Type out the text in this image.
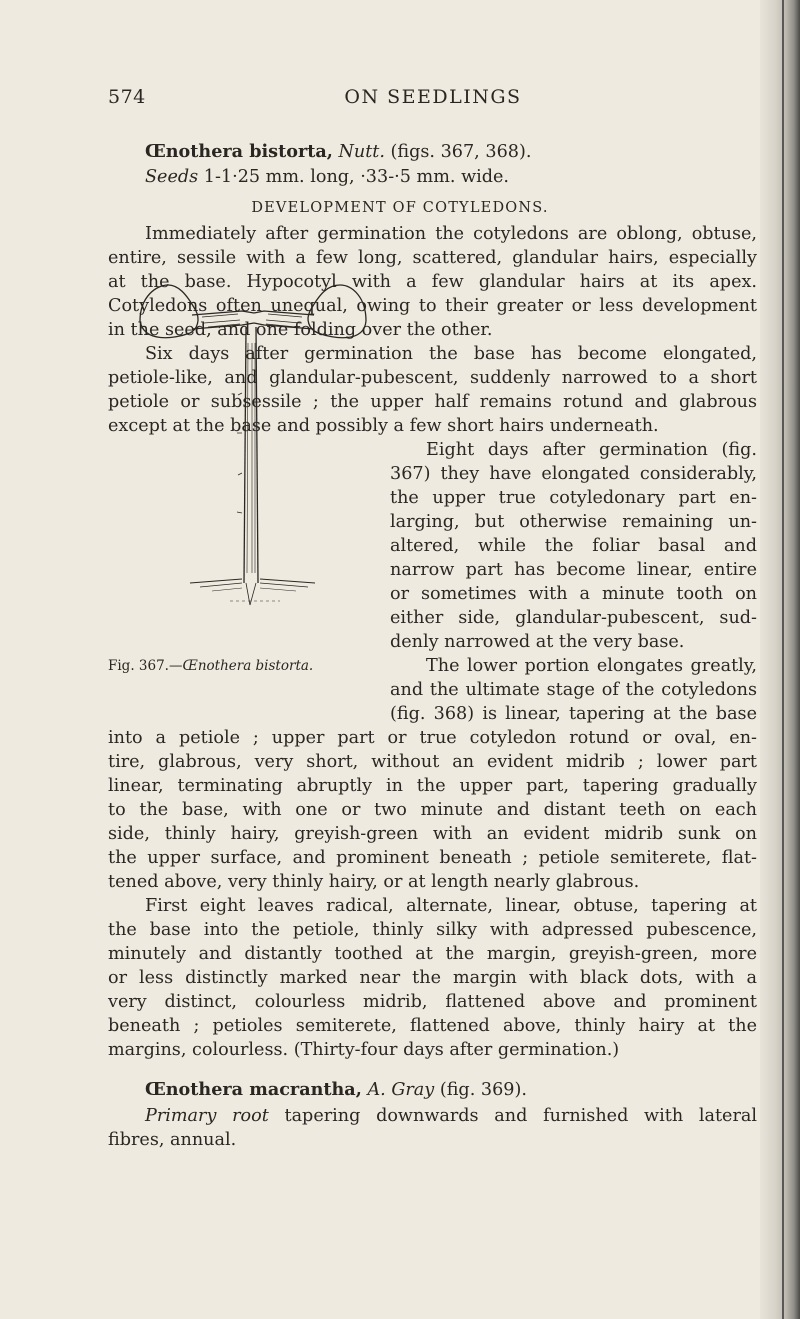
574	ON SEEDLINGS
Œnothera bistorta, Nutt. (figs. 367, 368).
Seeds 1-1·25 mm. long, ·33-·5 mm. wide.
DEVELOPMENT OF COTYLEDONS.
Immediately after germination the cotyledons are oblong, obtuse,
entire, sessile with a few long, scattered, glandular hairs, especially
at the base. Hypocotyl with a few glandular hairs at its apex.
Cotyledons often unequal, owing to their greater or less development
in the seed, and one folding over the other.
Six days after germination the base has become elongated,
petiole-like, and glandular-pubescent, suddenly narrowed to a short
petiole or subsessile ; the upper half remains rotund and glabrous
except at the base and possibly a few short hairs underneath.
Eight days after germination (fig.
367) they have elongated considerably,
the upper true cotyledonary part en-
larging, but otherwise remaining un-
altered, while the foliar basal and
narrow part has become linear, entire
or sometimes with a minute tooth on
either side, glandular-pubescent, sud-
denly narrowed at the very base.
The lower portion elongates greatly,
and the ultimate stage of the cotyledons
(fig. 368) is linear, tapering at the base
Fig. 367.—Œnothera bistorta.
into a petiole ; upper part or true cotyledon rotund or oval, en-
tire, glabrous, very short, without an evident midrib ; lower part
linear, terminating abruptly in the upper part, tapering gradually
to the base, with one or two minute and distant teeth on each
side, thinly hairy, greyish-green with an evident midrib sunk on
the upper surface, and prominent beneath ; petiole semiterete, flat-
tened above, very thinly hairy, or at length nearly glabrous.
First eight leaves radical, alternate, linear, obtuse, tapering at
the base into the petiole, thinly silky with adpressed pubescence,
minutely and distantly toothed at the margin, greyish-green, more
or less distinctly marked near the margin with black dots, with a
very distinct, colourless midrib, flattened above and prominent
beneath ; petioles semiterete, flattened above, thinly hairy at the
margins, colourless. (Thirty-four days after germination.)
Œnothera macrantha, A. Gray (fig. 369).
Primary root tapering downwards and furnished with lateral
fibres, annual.
